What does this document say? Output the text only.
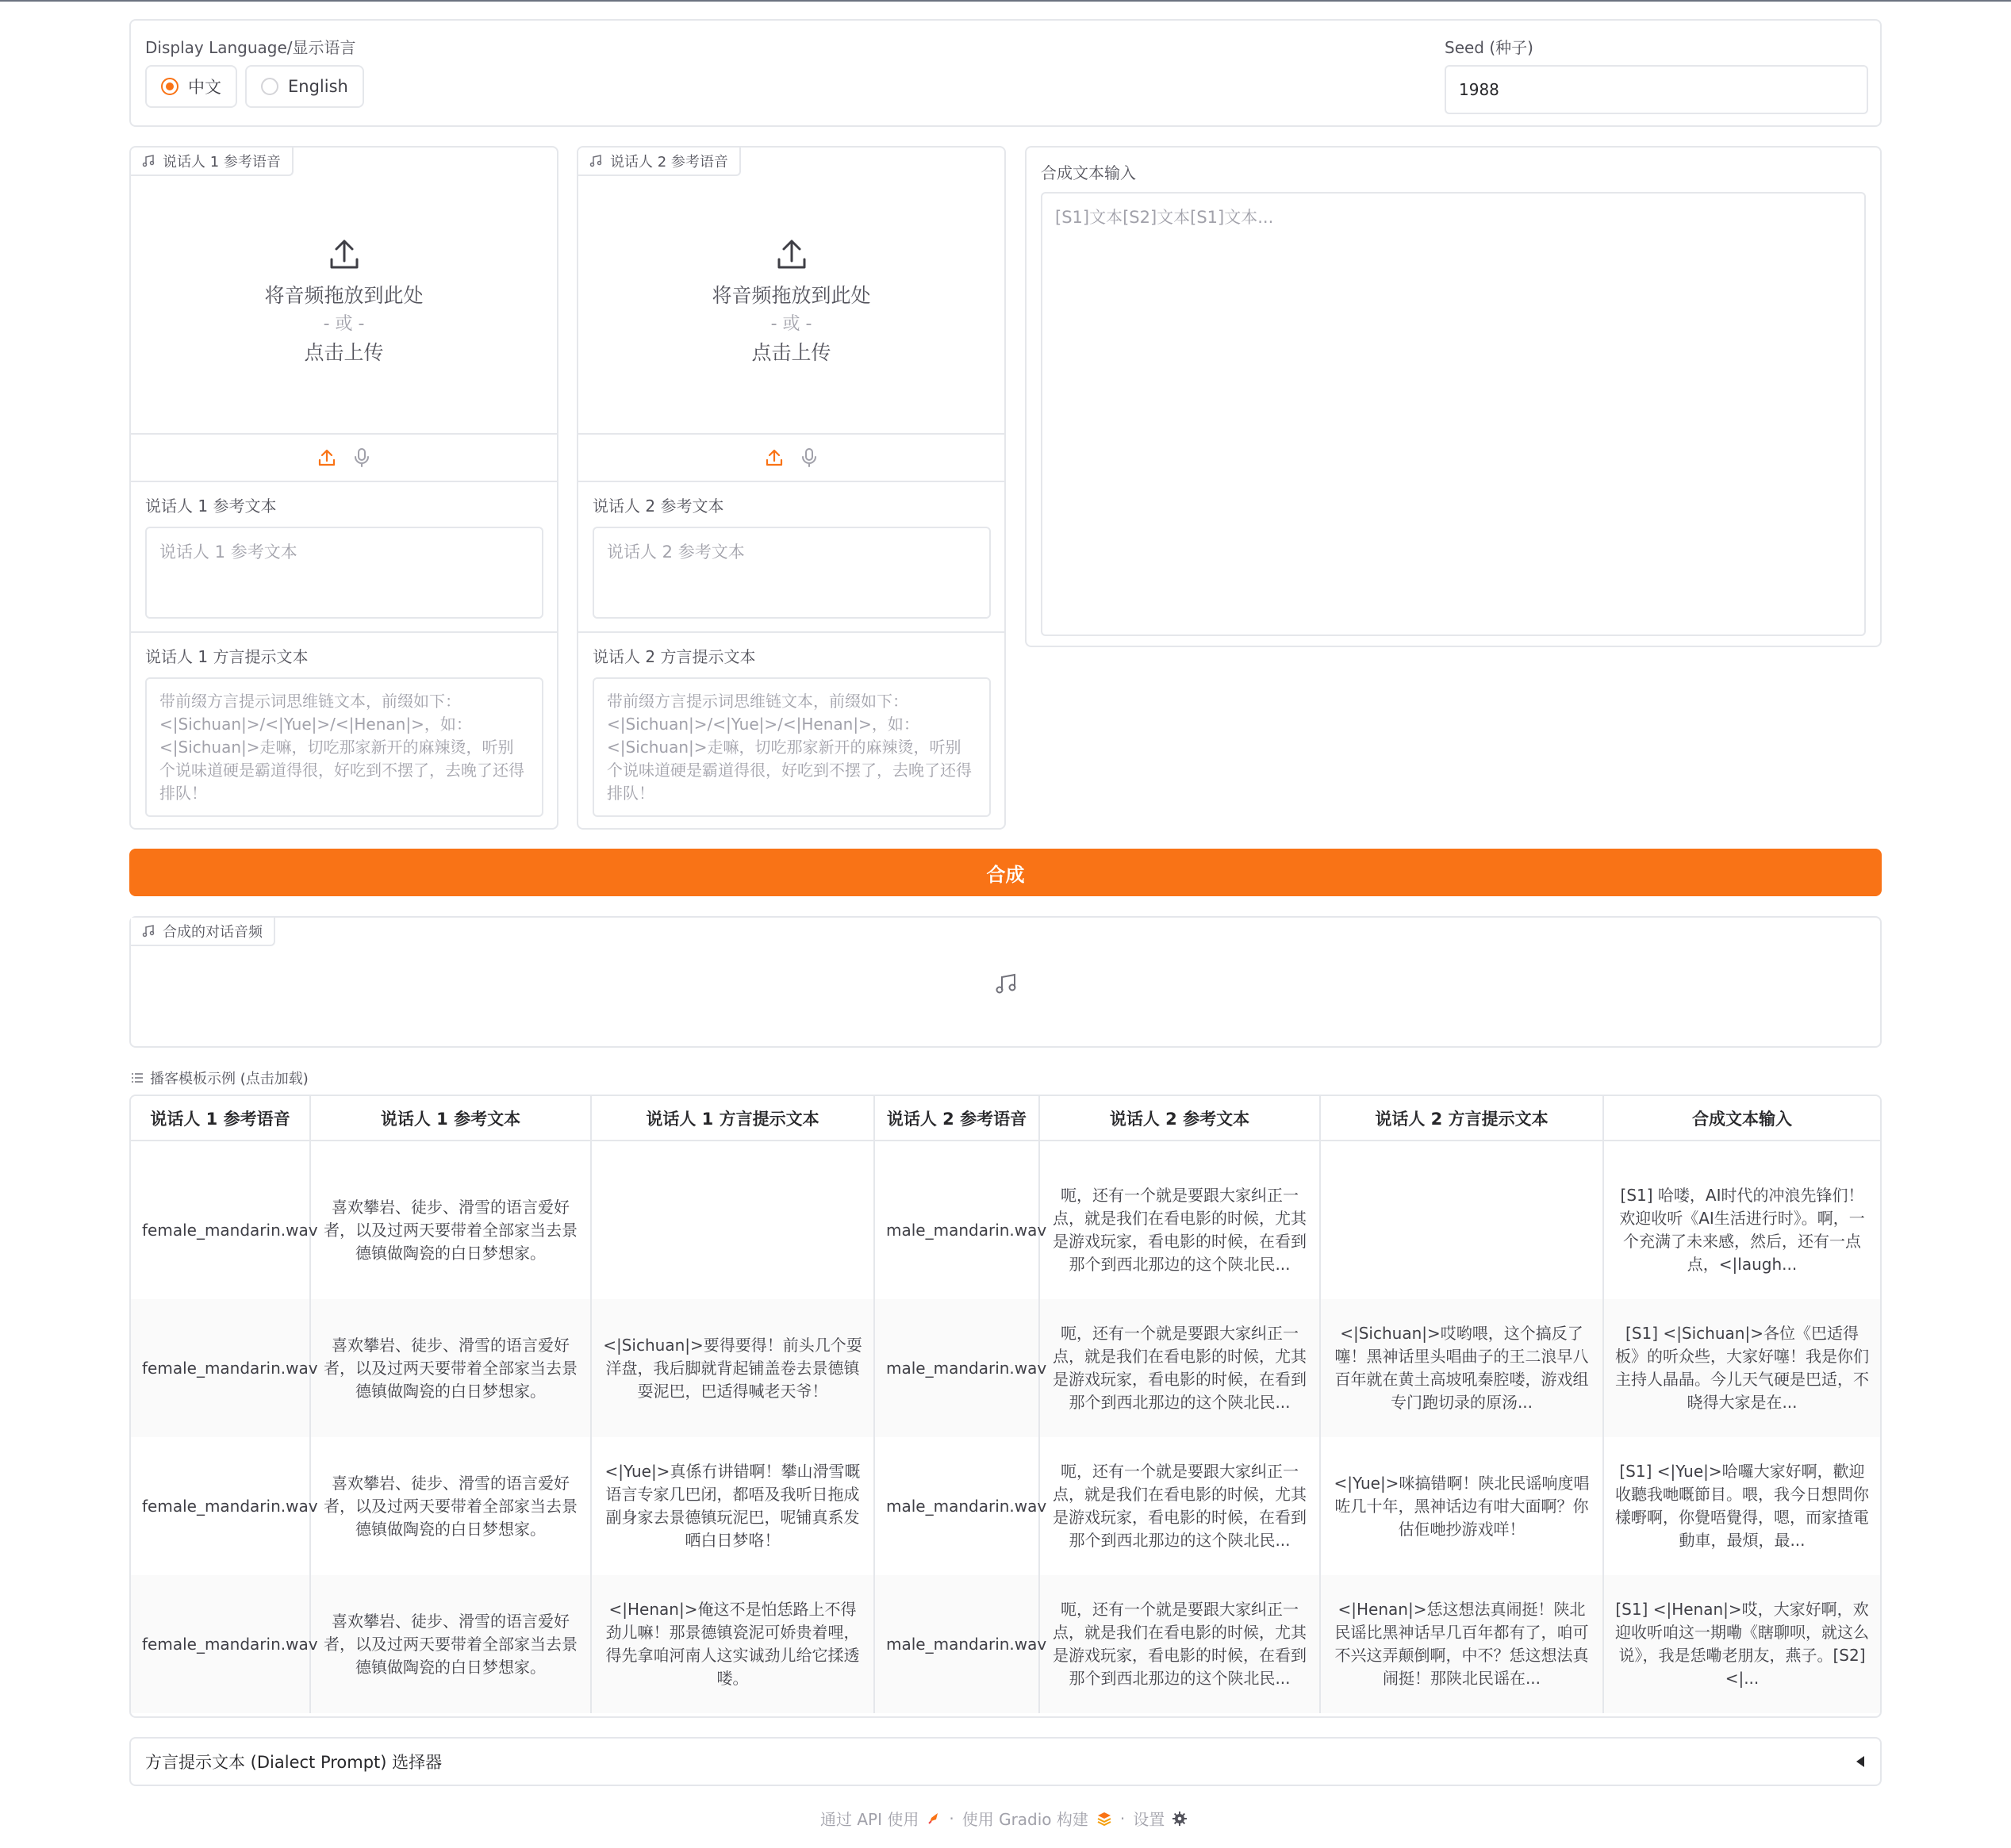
Display Language/显示语言
中文	English
Seed (种子)
1988
说话人 1 参考语音
将音频拖放到此处
- 或 -
点击上传
说话人 1 参考文本
说话人 1 参考文本
说话人 1 方言提示文本
带前缀方言提示词思维链文本，前缀如下：<|Sichuan|>/<|Yue|>/<|Henan|>，如：<|Sichuan|>走嘛，切吃那家新开的麻辣烫，听别个说味道硬是霸道得很，好吃到不摆了，去晚了还得排队！
说话人 2 参考语音
将音频拖放到此处
- 或 -
点击上传
说话人 2 参考文本
说话人 2 参考文本
说话人 2 方言提示文本
带前缀方言提示词思维链文本，前缀如下：<|Sichuan|>/<|Yue|>/<|Henan|>，如：<|Sichuan|>走嘛，切吃那家新开的麻辣烫，听别个说味道硬是霸道得很，好吃到不摆了，去晚了还得排队！
合成文本输入
[S1]文本[S2]文本[S1]文本...
合成
合成的对话音频
播客模板示例 (点击加载)
说话人 1 参考语音	说话人 1 参考文本	说话人 1 方言提示文本	说话人 2 参考语音	说话人 2 参考文本	说话人 2 方言提示文本	合成文本输入

female_mandarin.wav	喜欢攀岩、徒步、滑雪的语言爱好者，以及过两天要带着全部家当去景德镇做陶瓷的白日梦想家。		male_mandarin.wav	呃，还有一个就是要跟大家纠正一点，就是我们在看电影的时候，尤其是游戏玩家，看电影的时候，在看到那个到西北那边的这个陕北民...		[S1] 哈喽，AI时代的冲浪先锋们！欢迎收听《AI生活进行时》。啊，一个充满了未来感，然后，还有一点点，<|laugh...
female_mandarin.wav	喜欢攀岩、徒步、滑雪的语言爱好者，以及过两天要带着全部家当去景德镇做陶瓷的白日梦想家。	<|Sichuan|>要得要得！前头几个耍洋盘，我后脚就背起铺盖卷去景德镇耍泥巴，巴适得喊老天爷！	male_mandarin.wav	呃，还有一个就是要跟大家纠正一点，就是我们在看电影的时候，尤其是游戏玩家，看电影的时候，在看到那个到西北那边的这个陕北民...	<|Sichuan|>哎哟喂，这个搞反了噻！黑神话里头唱曲子的王二浪早八百年就在黄土高坡吼秦腔喽，游戏组专门跑切录的原汤...	[S1] <|Sichuan|>各位《巴适得板》的听众些，大家好噻！我是你们主持人晶晶。今儿天气硬是巴适，不晓得大家是在...
female_mandarin.wav	喜欢攀岩、徒步、滑雪的语言爱好者，以及过两天要带着全部家当去景德镇做陶瓷的白日梦想家。	<|Yue|>真係冇讲错啊！攀山滑雪嘅语言专家几巴闭，都唔及我听日拖成副身家去景德镇玩泥巴，呢铺真系发哂白日梦咯！	male_mandarin.wav	呃，还有一个就是要跟大家纠正一点，就是我们在看电影的时候，尤其是游戏玩家，看电影的时候，在看到那个到西北那边的这个陕北民...	<|Yue|>咪搞错啊！陕北民谣响度唱咗几十年，黑神话边有咁大面啊？你估佢哋抄游戏咩！	[S1] <|Yue|>哈囉大家好啊，歡迎收聽我哋嘅節目。喂，我今日想問你樣嘢啊，你覺唔覺得，嗯，而家揸電動車，最煩，最...
female_mandarin.wav	喜欢攀岩、徒步、滑雪的语言爱好者，以及过两天要带着全部家当去景德镇做陶瓷的白日梦想家。	<|Henan|>俺这不是怕恁路上不得劲儿嘛！那景德镇瓷泥可娇贵着哩，得先拿咱河南人这实诚劲儿给它揉透喽。	male_mandarin.wav	呃，还有一个就是要跟大家纠正一点，就是我们在看电影的时候，尤其是游戏玩家，看电影的时候，在看到那个到西北那边的这个陕北民...	<|Henan|>恁这想法真闹挺！陕北民谣比黑神话早几百年都有了，咱可不兴这弄颠倒啊，中不？恁这想法真闹挺！那陕北民谣在...	[S1] <|Henan|>哎，大家好啊，欢迎收听咱这一期嘞《瞎聊呗，就这么说》，我是恁嘞老朋友，燕子。[S2] <|...
方言提示文本 (Dialect Prompt) 选择器
通过 API 使用 · 使用 Gradio 构建 · 设置
